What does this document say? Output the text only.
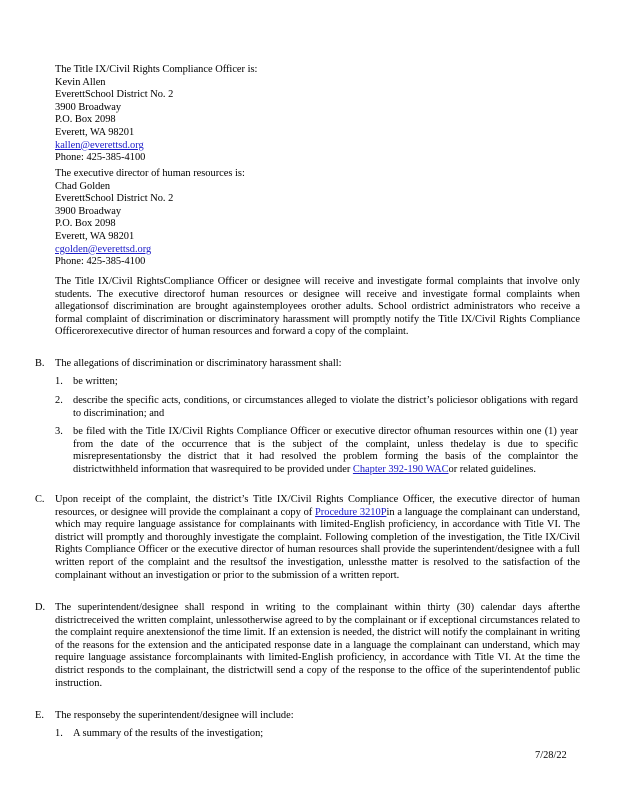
The Title IX/Civil Rights Compliance Officer is:
Kevin Allen
EverettSchool District No. 2
3900 Broadway
P.O. Box 2098
Everett, WA 98201
kallen@everettsd.org
Phone: 425-385-4100
The executive director of human resources is:
Chad Golden
EverettSchool District No. 2
3900 Broadway
P.O. Box 2098
Everett, WA 98201
cgolden@everettsd.org
Phone: 425-385-4100
The Title IX/Civil RightsCompliance Officer or designee will receive and investigate formal complaints that involve only students. The executive directorof human resources or designee will receive and investigate formal complaints when allegationsof discrimination are brought againstemployees orother adults. School ordistrict administrators who receive a formal complaint of discrimination or discriminatory harassment will promptly notify the Title IX/Civil Rights Compliance Officerorexecutive director of human resources and forward a copy of the complaint.
B. The allegations of discrimination or discriminatory harassment shall:
1. be written;
2. describe the specific acts, conditions, or circumstances alleged to violate the district’s policiesor obligations with regard to discrimination; and
3. be filed with the Title IX/Civil Rights Compliance Officer or executive director ofhuman resources within one (1) year from the date of the occurrence that is the subject of the complaint, unless thedelay is due to specific misrepresentationsby the district that it had resolved the problem forming the basis of the complaintor the districtwithheld information that wasrequired to be provided under Chapter 392-190 WACor related guidelines.
C. Upon receipt of the complaint, the district’s Title IX/Civil Rights Compliance Officer, the executive director of human resources, or designee will provide the complainant a copy of Procedure 3210Pin a language the complainant can understand, which may require language assistance for complainants with limited-English proficiency, in accordance with Title VI. The district will promptly and thoroughly investigate the complaint. Following completion of the investigation, the Title IX/Civil Rights Compliance Officer or the executive director of human resources shall provide the superintendent/designee with a full written report of the complaint and the resultsof the investigation, unlessthe matter is resolved to the satisfaction of the complainant without an investigation or prior to the submission of a written report.
D. The superintendent/designee shall respond in writing to the complainant within thirty (30) calendar days afterthe districtreceived the written complaint, unlessotherwise agreed to by the complainant or if exceptional circumstances related to the complaint require anextensionof the time limit. If an extension is needed, the district will notify the complainant in writing of the reasons for the extension and the anticipated response date in a language the complainant can understand, which may require language assistance forcomplainants with limited-English proficiency, in accordance with Title VI. At the time the district responds to the complainant, the districtwill send a copy of the response to the office of the superintendentof public instruction.
E. The responseby the superintendent/designee will include:
1. A summary of the results of the investigation;
7/28/22
